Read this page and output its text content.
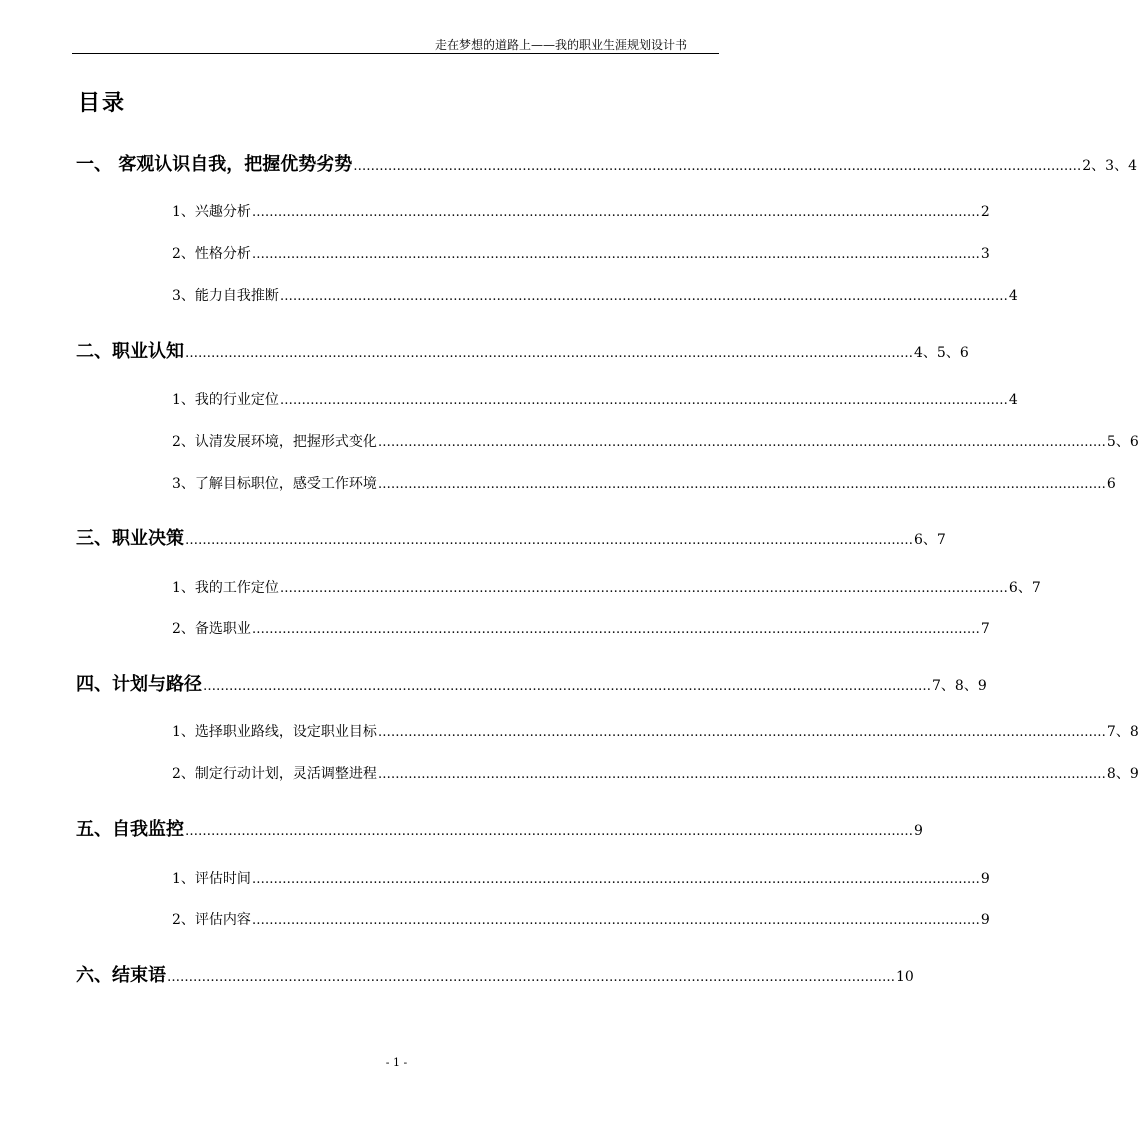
走在梦想的道路上——我的职业生涯规划设计书
目录
一、 客观认识自我，把握优势劣势 …………………………………………………………………………………………………………………………………………………… 2、3、4
1、兴趣分析 …………………………………………………………………………………………………………………………………………………… 2
2、性格分析 …………………………………………………………………………………………………………………………………………………… 3
3、能力自我推断 …………………………………………………………………………………………………………………………………………………… 4
二、职业认知 …………………………………………………………………………………………………………………………………………………… 4、5、6
1、我的行业定位 …………………………………………………………………………………………………………………………………………………… 4
2、认清发展环境，把握形式变化 …………………………………………………………………………………………………………………………………………………… 5、6
3、了解目标职位，感受工作环境 …………………………………………………………………………………………………………………………………………………… 6
三、职业决策 …………………………………………………………………………………………………………………………………………………… 6、7
1、我的工作定位 …………………………………………………………………………………………………………………………………………………… 6、7
2、备选职业 …………………………………………………………………………………………………………………………………………………… 7
四、计划与路径 …………………………………………………………………………………………………………………………………………………… 7、8、9
1、选择职业路线，设定职业目标 …………………………………………………………………………………………………………………………………………………… 7、8
2、制定行动计划，灵活调整进程 …………………………………………………………………………………………………………………………………………………… 8、9
五、自我监控 …………………………………………………………………………………………………………………………………………………… 9
1、评估时间 …………………………………………………………………………………………………………………………………………………… 9
2、评估内容 …………………………………………………………………………………………………………………………………………………… 9
六、结束语 …………………………………………………………………………………………………………………………………………………… 10
- 1 -
